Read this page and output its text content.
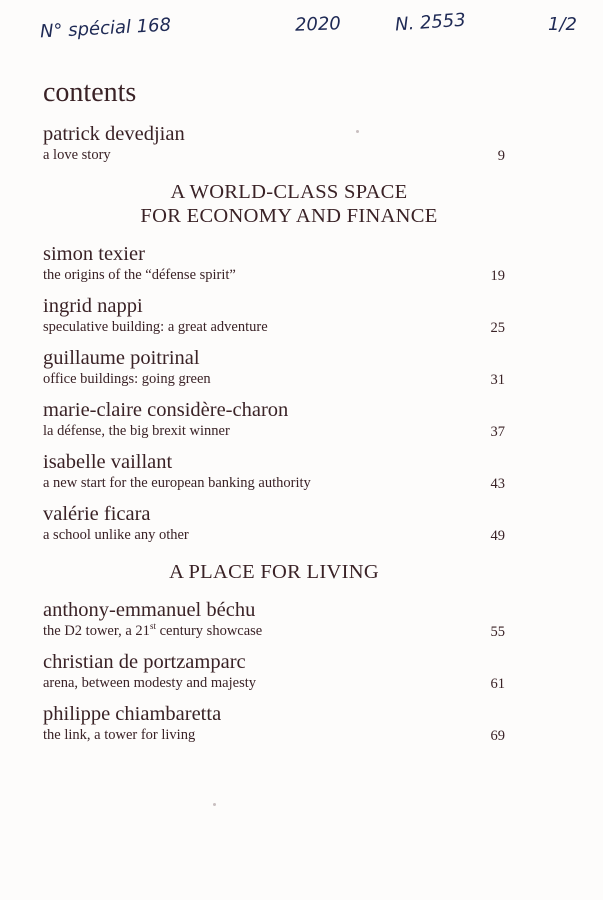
N° spécial 168	2020	N. 2553	1/2
contents
patrick devedjian
a love story	9
A WORLD-CLASS SPACE
FOR ECONOMY AND FINANCE
simon texier
the origins of the “défense spirit”	19
ingrid nappi
speculative building: a great adventure	25
guillaume poitrinal
office buildings: going green	31
marie-claire considère-charon
la défense, the big brexit winner	37
isabelle vaillant
a new start for the european banking authority	43
valérie ficara
a school unlike any other	49
A PLACE FOR LIVING
anthony-emmanuel béchu
the D2 tower, a 21st century showcase	55
christian de portzamparc
arena, between modesty and majesty	61
philippe chiambaretta
the link, a tower for living	69
